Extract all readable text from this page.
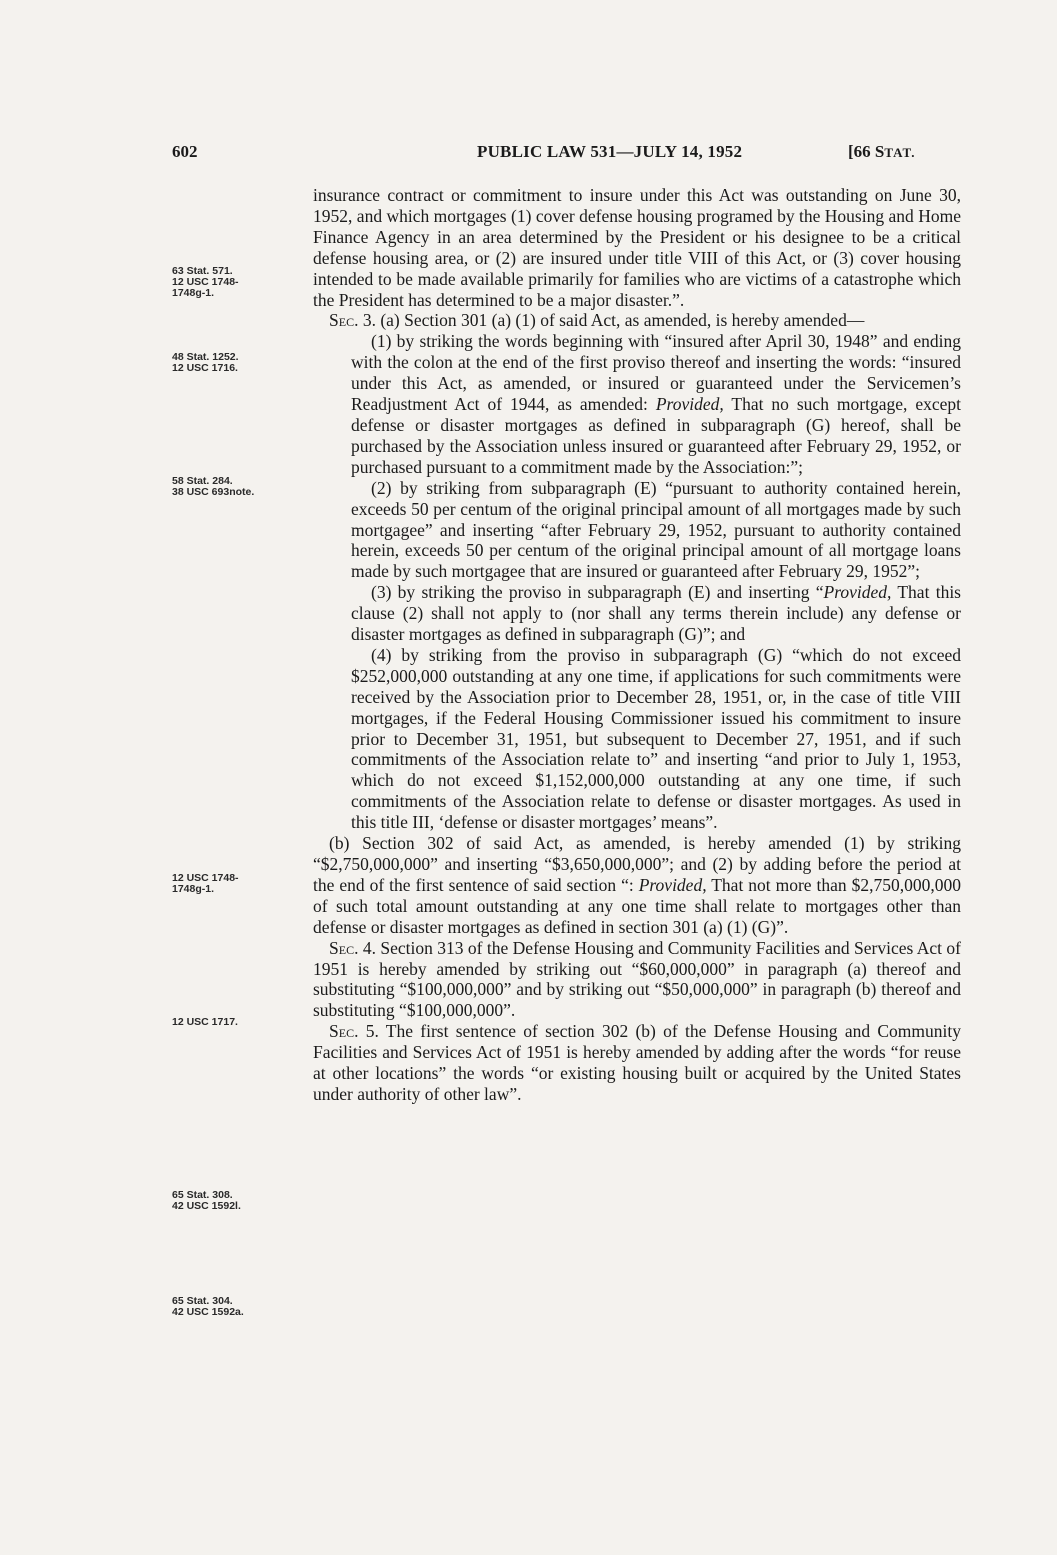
602	PUBLIC LAW 531—JULY 14, 1952	[66 STAT.
63 Stat. 571.
12 USC 1748-
1748g-1.
48 Stat. 1252.
12 USC 1716.
58 Stat. 284.
38 USC 693note.
12 USC 1748-
1748g-1.
12 USC 1717.
65 Stat. 308.
42 USC 1592l.
65 Stat. 304.
42 USC 1592a.

insurance contract or commitment to insure under this Act was outstanding on June 30, 1952, and which mortgages (1) cover defense housing programed by the Housing and Home Finance Agency in an area determined by the President or his designee to be a critical defense housing area, or (2) are insured under title VIII of this Act, or (3) cover housing intended to be made available primarily for families who are victims of a catastrophe which the President has determined to be a major disaster.”.

Sec. 3. (a) Section 301 (a) (1) of said Act, as amended, is hereby amended—

(1) by striking the words beginning with “insured after April 30, 1948” and ending with the colon at the end of the first proviso thereof and inserting the words: “insured under this Act, as amended, or insured or guaranteed under the Servicemen’s Readjustment Act of 1944, as amended: Provided, That no such mortgage, except defense or disaster mortgages as defined in subparagraph (G) hereof, shall be purchased by the Association unless insured or guaranteed after February 29, 1952, or purchased pursuant to a commitment made by the Association:”;

(2) by striking from subparagraph (E) “pursuant to authority contained herein, exceeds 50 per centum of the original principal amount of all mortgages made by such mortgagee” and inserting “after February 29, 1952, pursuant to authority contained herein, exceeds 50 per centum of the original principal amount of all mortgage loans made by such mortgagee that are insured or guaranteed after February 29, 1952”;

(3) by striking the proviso in subparagraph (E) and inserting “Provided, That this clause (2) shall not apply to (nor shall any terms therein include) any defense or disaster mortgages as defined in subparagraph (G)”; and

(4) by striking from the proviso in subparagraph (G) “which do not exceed $252,000,000 outstanding at any one time, if applications for such commitments were received by the Association prior to December 28, 1951, or, in the case of title VIII mortgages, if the Federal Housing Commissioner issued his commitment to insure prior to December 31, 1951, but subsequent to December 27, 1951, and if such commitments of the Association relate to” and inserting “and prior to July 1, 1953, which do not exceed $1,152,000,000 outstanding at any one time, if such commitments of the Association relate to defense or disaster mortgages. As used in this title III, ‘defense or disaster mortgages’ means”.

(b) Section 302 of said Act, as amended, is hereby amended (1) by striking “$2,750,000,000” and inserting “$3,650,000,000”; and (2) by adding before the period at the end of the first sentence of said section “: Provided, That not more than $2,750,000,000 of such total amount outstanding at any one time shall relate to mortgages other than defense or disaster mortgages as defined in section 301 (a) (1) (G)”.

Sec. 4. Section 313 of the Defense Housing and Community Facilities and Services Act of 1951 is hereby amended by striking out “$60,000,000” in paragraph (a) thereof and substituting “$100,000,000” and by striking out “$50,000,000” in paragraph (b) thereof and substituting “$100,000,000”.

Sec. 5. The first sentence of section 302 (b) of the Defense Housing and Community Facilities and Services Act of 1951 is hereby amended by adding after the words “for reuse at other locations” the words “or existing housing built or acquired by the United States under authority of other law”.
